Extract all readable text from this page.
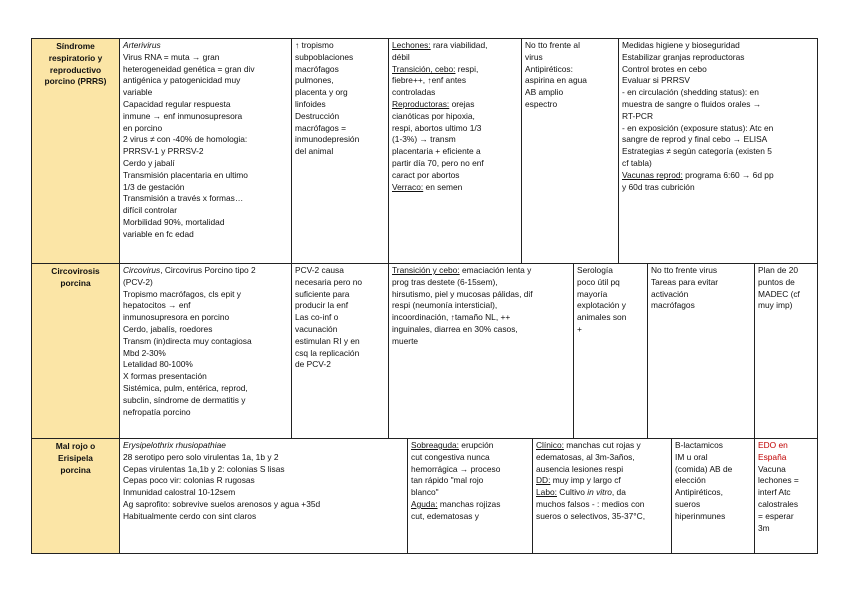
Síndrome
respiratorio y
reproductivo
porcino (PRRS)
Arterivirus
Virus RNA = muta → gran
heterogeneidad genética = gran div
antigénica y patogenicidad muy
variable
Capacidad regular respuesta
inmune → enf inmunosupresora
en porcino
2 virus ≠ con -40% de homologia:
PRRSV-1 y PRRSV-2
Cerdo y jabalí
Transmisión placentaria en ultimo
1/3 de gestación
Transmisión a través x formas…
difícil controlar
Morbilidad 90%, mortalidad
variable en fc edad
↑ tropismo
subpoblaciones
macrófagos
pulmones,
placenta y org
linfoides
Destrucción
macrófagos =
inmunodepresión
del animal
Lechones: rara viabilidad,
débil
Transición, cebo: respi,
fiebre++, ↑enf antes
controladas
Reproductoras: orejas
cianóticas por hipoxia,
respi, abortos ultimo 1/3
(1-3%) → transm
placentaria + eficiente a
partir día 70, pero no enf
caract por abortos
Verraco: en semen
No tto frente al
virus
Antipiréticos:
aspirina en agua
AB amplio
espectro
Medidas higiene y bioseguridad
Estabilizar granjas reproductoras
Control brotes en cebo
Evaluar si PRRSV
- en circulación (shedding status): en
muestra de sangre o fluidos orales →
RT-PCR
- en exposición (exposure status): Atc en
sangre de reprod y final cebo → ELISA
Estrategias ≠ según categoría (existen 5
cf tabla)
Vacunas reprod: programa 6:60 → 6d pp
y 60d tras cubrición
Circovirosis
porcina
Circovirus, Circovirus Porcino tipo 2
(PCV-2)
Tropismo macrófagos, cls epit y
hepatocitos → enf
inmunosupresora en porcino
Cerdo, jabalís, roedores
Transm (in)directa muy contagiosa
Mbd 2-30%
Letalidad 80-100%
X formas presentación
Sistémica, pulm, entérica, reprod,
subclin, síndrome de dermatitis y
nefropatía porcino
PCV-2 causa
necesaria pero no
suficiente para
producir la enf
Las co-inf o
vacunación
estimulan RI y en
csq la replicación
de PCV-2
Transición y cebo: emaciación lenta y
prog tras destete (6-15sem),
hirsutismo, piel y mucosas pálidas, dif
respi (neumonía intersticial),
incoordinación, ↑tamaño NL, ++
inguinales, diarrea en 30% casos,
muerte
Serología
poco útil pq
mayoría
explotación y
animales son
+
No tto frente virus
Tareas para evitar
activación
macrófagos
Plan de 20
puntos de
MADEC (cf
muy imp)
Mal rojo o
Erisipela
porcina
Erysipelothrix rhusiopathiae
28 serotipo pero solo virulentas 1a, 1b y 2
Cepas virulentas 1a,1b y 2: colonias S lisas
Cepas poco vir: colonias R rugosas
Inmunidad calostral 10-12sem
Ag saprofito: sobrevive suelos arenosos y agua +35d
Habitualmente cerdo con sint claros
Sobreaguda: erupción
cut congestiva nunca
hemorrágica → proceso
tan rápido "mal rojo
blanco"
Aguda: manchas rojizas
cut, edematosas y
Clínico: manchas cut rojas y
edematosas, al 3m-3años,
ausencia lesiones respi
DD: muy imp y largo cf
Labo: Cultivo in vitro, da
muchos falsos - : medios con
sueros o selectivos, 35-37°C,
B-lactamicos
IM u oral
(comida) AB de
elección
Antipiréticos,
sueros
hiperinmunes
EDO en
España
Vacuna
lechones =
interf Atc
calostrales
= esperar
3m
